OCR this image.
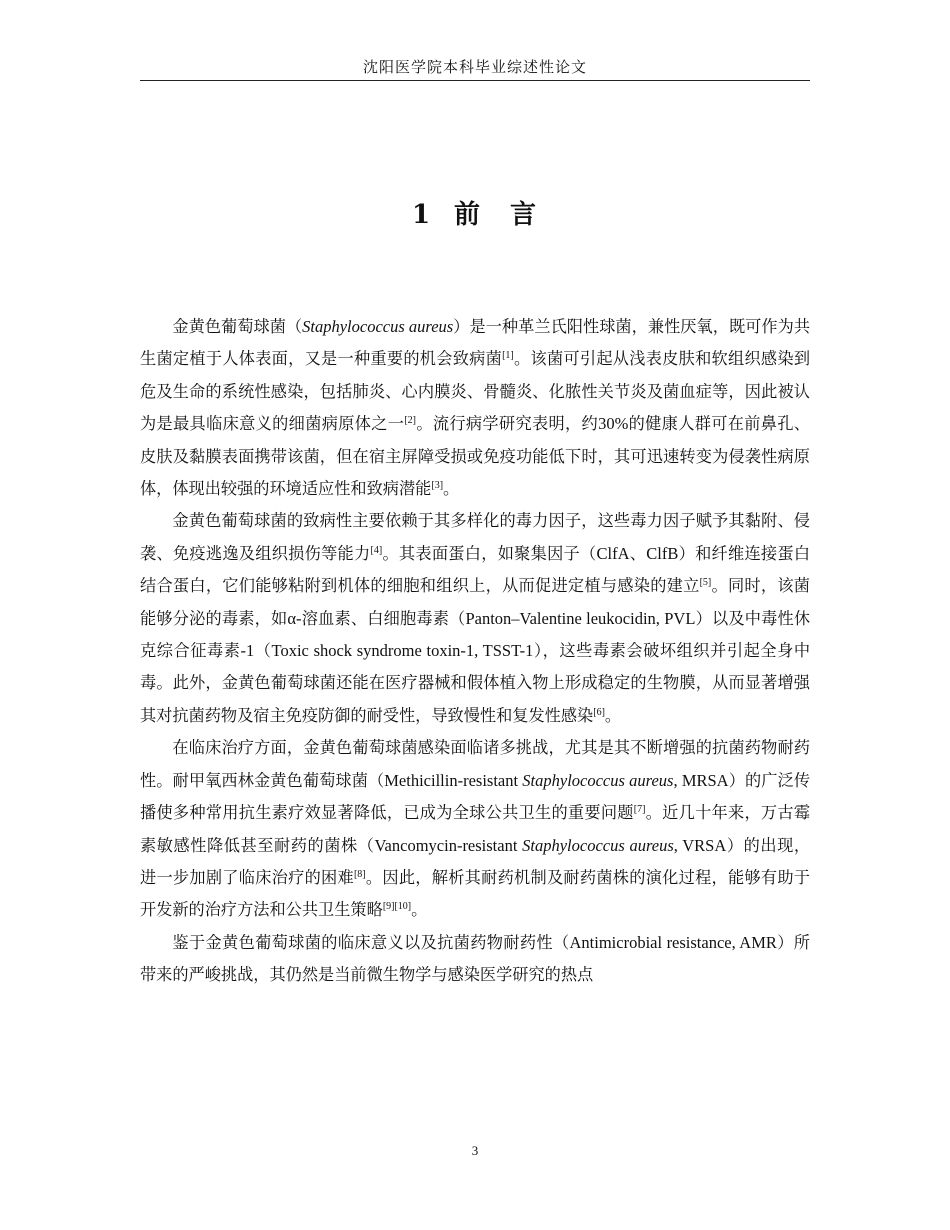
沈阳医学院本科毕业综述性论文
1 前 言

金黄色葡萄球菌（Staphylococcus aureus）是一种革兰氏阳性球菌，兼性厌氧，既可作为共生菌定植于人体表面，又是一种重要的机会致病菌[1]。该菌可引起从浅表皮肤和软组织感染到危及生命的系统性感染，包括肺炎、心内膜炎、骨髓炎、化脓性关节炎及菌血症等，因此被认为是最具临床意义的细菌病原体之一[2]。流行病学研究表明，约30%的健康人群可在前鼻孔、皮肤及黏膜表面携带该菌，但在宿主屏障受损或免疫功能低下时，其可迅速转变为侵袭性病原体，体现出较强的环境适应性和致病潜能[3]。

金黄色葡萄球菌的致病性主要依赖于其多样化的毒力因子，这些毒力因子赋予其黏附、侵袭、免疫逃逸及组织损伤等能力[4]。其表面蛋白，如聚集因子（ClfA、ClfB）和纤维连接蛋白结合蛋白，它们能够粘附到机体的细胞和组织上，从而促进定植与感染的建立[5]。同时，该菌能够分泌的毒素，如α-溶血素、白细胞毒素（Panton–Valentine leukocidin, PVL）以及中毒性休克综合征毒素-1（Toxic shock syndrome toxin-1, TSST-1），这些毒素会破坏组织并引起全身中毒。此外，金黄色葡萄球菌还能在医疗器械和假体植入物上形成稳定的生物膜，从而显著增强其对抗菌药物及宿主免疫防御的耐受性，导致慢性和复发性感染[6]。

在临床治疗方面，金黄色葡萄球菌感染面临诸多挑战，尤其是其不断增强的抗菌药物耐药性。耐甲氧西林金黄色葡萄球菌（Methicillin-resistant Staphylococcus aureus, MRSA）的广泛传播使多种常用抗生素疗效显著降低，已成为全球公共卫生的重要问题[7]。近几十年来，万古霉素敏感性降低甚至耐药的菌株（Vancomycin-resistant Staphylococcus aureus, VRSA）的出现，进一步加剧了临床治疗的困难[8]。因此，解析其耐药机制及耐药菌株的演化过程，能够有助于开发新的治疗方法和公共卫生策略[9][10]。

鉴于金黄色葡萄球菌的临床意义以及抗菌药物耐药性（Antimicrobial resistance, AMR）所带来的严峻挑战，其仍然是当前微生物学与感染医学研究的热点

3
